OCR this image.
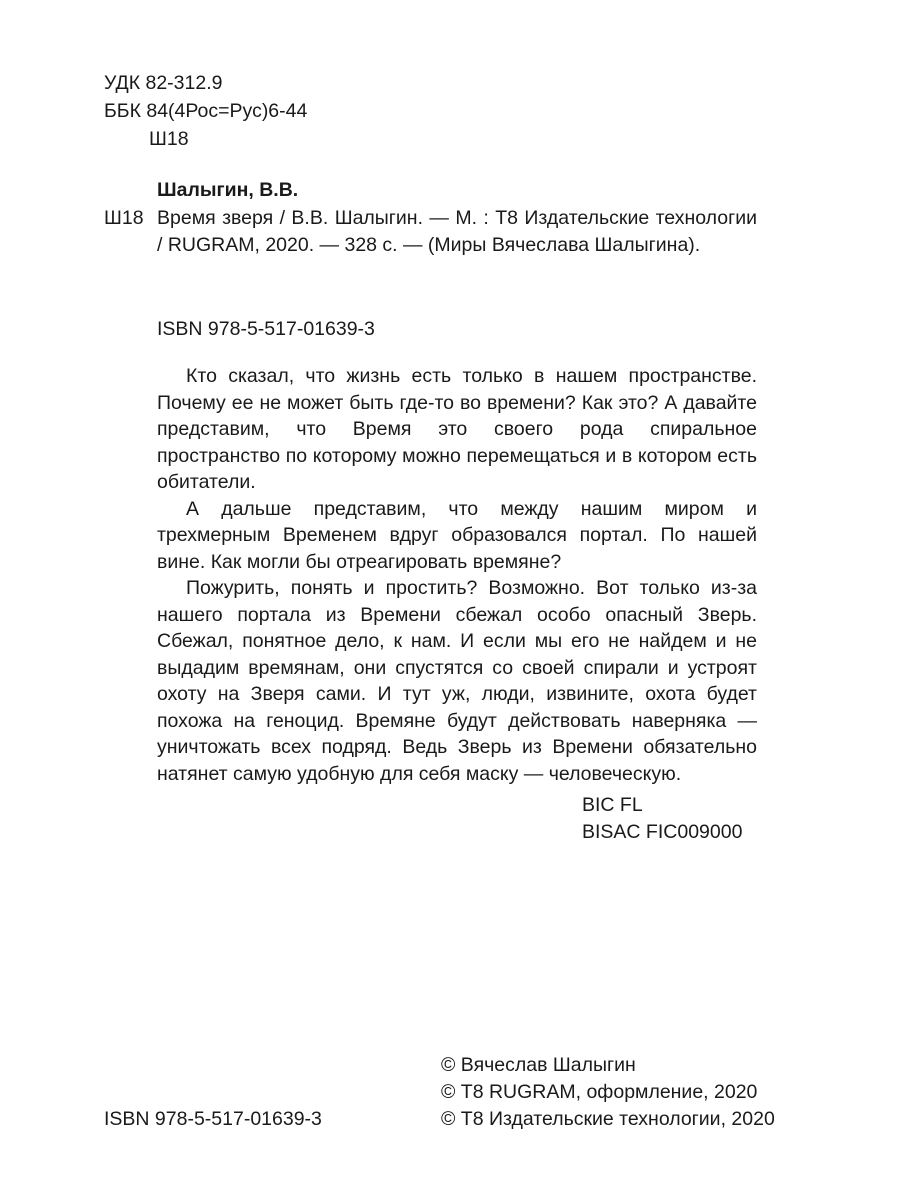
УДК 82-312.9
ББК 84(4Рос=Рус)6-44
Ш18
Шалыгин, В.В.
Ш18 Время зверя / В.В. Шалыгин. — М. : Т8 Издательские технологии / RUGRAM, 2020. — 328 с. — (Миры Вячеслава Шалыгина).
ISBN 978-5-517-01639-3

Кто сказал, что жизнь есть только в нашем пространстве. Почему ее не может быть где-то во времени? Как это? А давайте представим, что Время это своего рода спиральное пространство по которому можно перемещаться и в котором есть обитатели.

А дальше представим, что между нашим миром и трехмерным Временем вдруг образовался портал. По нашей вине. Как могли бы отреагировать времяне?

Пожурить, понять и простить? Возможно. Вот только из-за нашего портала из Времени сбежал особо опасный Зверь. Сбежал, понятное дело, к нам. И если мы его не найдем и не выдадим времянам, они спустятся со своей спирали и устроят охоту на Зверя сами. И тут уж, люди, извините, охота будет похожа на геноцид. Времяне будут действовать наверняка — уничтожать всех подряд. Ведь Зверь из Времени обязательно натянет самую удобную для себя маску — человеческую.

BIC FL
BISAC FIC009000
ISBN 978-5-517-01639-3
© Вячеслав Шалыгин
© Т8 RUGRAM, оформление, 2020
© Т8 Издательские технологии, 2020
